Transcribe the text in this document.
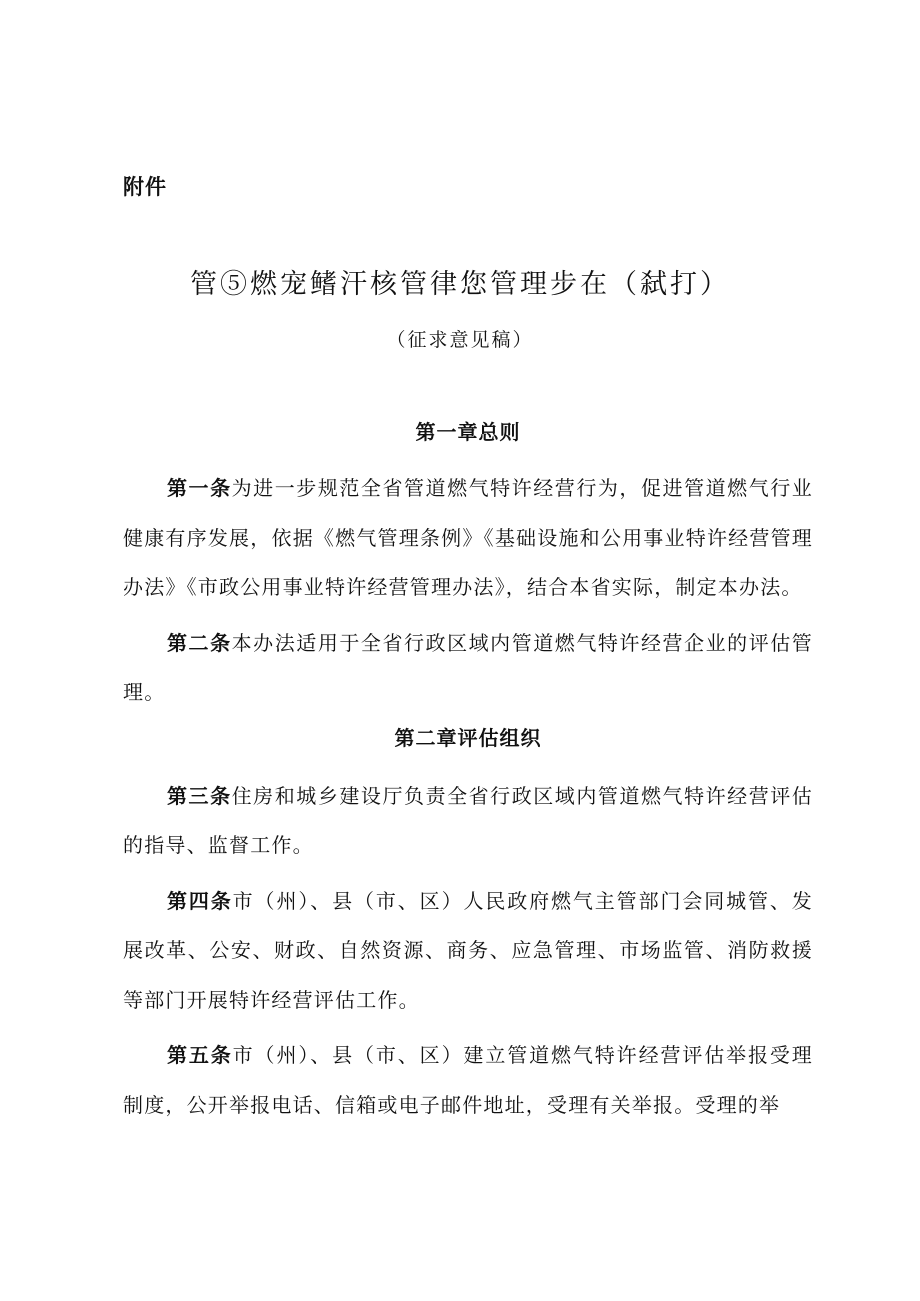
附件

管⑤燃宠鳍汗核管律您管理步在（弑打）

（征求意见稿）

第一章总则

第一条为进一步规范全省管道燃气特许经营行为，促进管道燃气行业健康有序发展，依据《燃气管理条例》《基础设施和公用事业特许经营管理办法》《市政公用事业特许经营管理办法》，结合本省实际，制定本办法。

第二条本办法适用于全省行政区域内管道燃气特许经营企业的评估管理。

第二章评估组织

第三条住房和城乡建设厅负责全省行政区域内管道燃气特许经营评估的指导、监督工作。

第四条市（州）、县（市、区）人民政府燃气主管部门会同城管、发展改革、公安、财政、自然资源、商务、应急管理、市场监管、消防救援等部门开展特许经营评估工作。

第五条市（州）、县（市、区）建立管道燃气特许经营评估举报受理制度，公开举报电话、信箱或电子邮件地址，受理有关举报。受理的举
